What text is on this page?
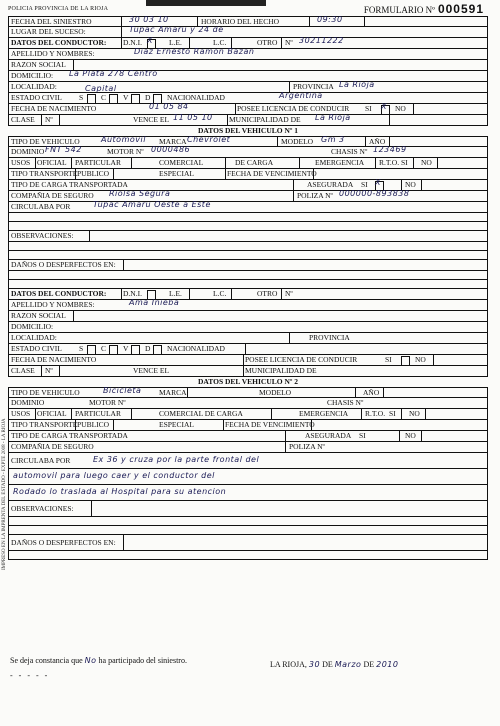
POLICIA PROVINCIA DE LA RIOJA	FORMULARIO Nº 000591
IMPRESO EN LA IMPRENTA DEL ESTADO - EXPTE 2008 - LA RIOJA
FECHA DEL SINIESTRO	30 03 10	HORARIO DEL HECHO	09:30
LUGAR DEL SUCESO:	Tupac Amaru y 24 de
DATOS DEL CONDUCTOR: D.N.I. X L.E.	L.C.	OTRO Nº 30211222
APELLIDO Y NOMBRES:	Diaz Ernesto Ramon Bazan
RAZON SOCIAL
DOMICILIO: La Plata 278 Centro
LOCALIDAD:	Capital	PROVINCIA La Rioja
ESTADO CIVIL S C V D NACIONALIDAD	Argentina
FECHA DE NACIMIENTO	01 05 84	POSEE LICENCIA DE CONDUCIR SI X NO
CLASE Nº	VENCE EL 11 05 10 MUNICIPALIDAD DE La Rioja
DATOS DEL VEHICULO Nº 1
TIPO DE VEHICULO	Automovil MARCA Chevrolet	MODELO Gm 3	AÑO
DOMINIO FNT 542	MOTOR Nº 0000486	CHASIS Nº 123469
USOS OFICIAL PARTICULAR	COMERCIAL	DE CARGA	EMERGENCIA R.T.O. SI NO
TIPO TRANSPORTE PUBLICO	ESPECIAL	FECHA DE VENCIMIENTO
TIPO DE CARGA TRANSPORTADA	ASEGURADA SI X	NO
COMPAÑIA DE SEGURO Riolsa Segura	POLIZA Nº 000000-893838
CIRCULABA POR	Tupac Amaru Oeste a Este
OBSERVACIONES:
DAÑOS O DESPERFECTOS EN:
DATOS DEL CONDUCTOR: D.N.I.	L.E.	L.C.	OTRO Nº
APELLIDO Y NOMBRES:	Ama Inieba
RAZON SOCIAL
DOMICILIO:
LOCALIDAD:	PROVINCIA
ESTADO CIVIL S C V D NACIONALIDAD
FECHA DE NACIMIENTO	POSEE LICENCIA DE CONDUCIR	SI	NO
CLASE Nº	VENCE EL	MUNICIPALIDAD DE
DATOS DEL VEHICULO Nº 2
TIPO DE VEHICULO	Bicicleta MARCA	MODELO	AÑO
DOMINIO	MOTOR Nº	CHASIS Nº
USOS OFICIAL PARTICULAR	COMERCIAL DE CARGA	EMERGENCIA R.T.O. SI NO
TIPO TRANSPORTE PUBLICO	ESPECIAL	FECHA DE VENCIMIENTO
TIPO DE CARGA TRANSPORTADA	ASEGURADA SI	NO
COMPAÑIA DE SEGURO	POLIZA Nº
CIRCULABA POR	Ex 36 y cruza por la parte frontal del
automovil para luego caer y el conductor del
Rodado lo traslada al Hospital para su atencion
OBSERVACIONES:
DAÑOS O DESPERFECTOS EN:
Se deja constancia que No ha participado del siniestro.
- - - - -
LA RIOJA, 30 DE Marzo DE 2010
